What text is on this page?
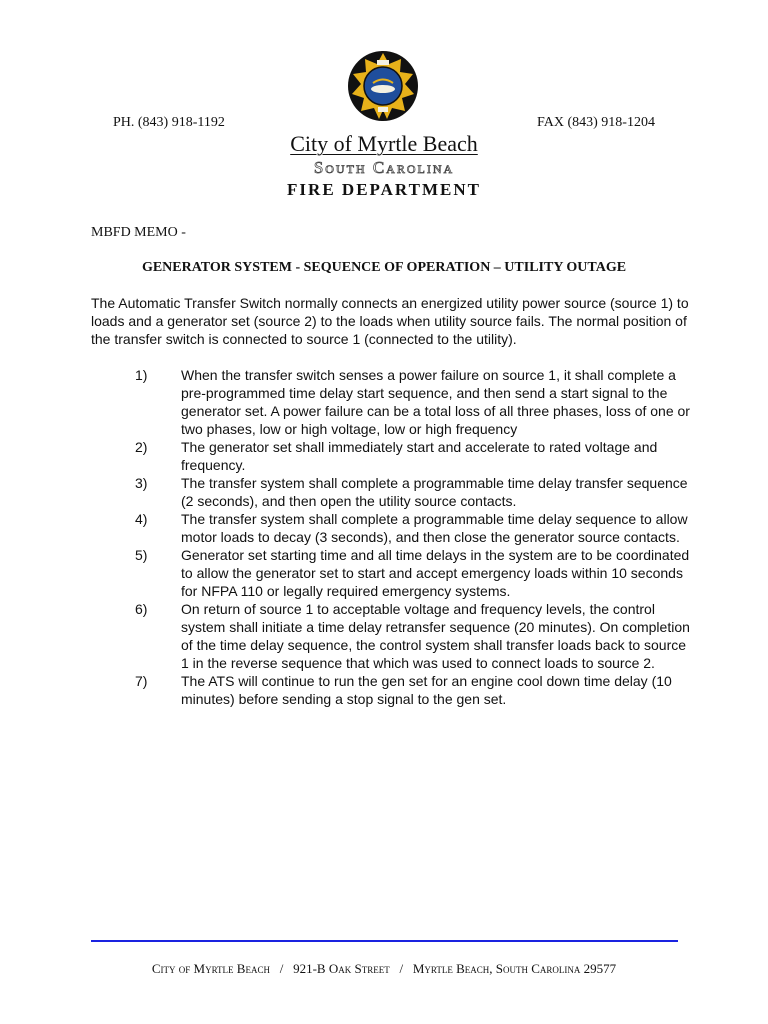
PH. (843) 918-1192	FAX (843) 918-1204
City of Myrtle Beach
South Carolina
FIRE DEPARTMENT
MBFD MEMO -
GENERATOR SYSTEM - SEQUENCE OF OPERATION – UTILITY OUTAGE
The Automatic Transfer Switch normally connects an energized utility power source (source 1) to loads and a generator set (source 2) to the loads when utility source fails. The normal position of the transfer switch is connected to source 1 (connected to the utility).
1)	When the transfer switch senses a power failure on source 1, it shall complete a pre-programmed time delay start sequence, and then send a start signal to the generator set. A power failure can be a total loss of all three phases, loss of one or two phases, low or high voltage, low or high frequency
2)	The generator set shall immediately start and accelerate to rated voltage and frequency.
3)	The transfer system shall complete a programmable time delay transfer sequence (2 seconds), and then open the utility source contacts.
4)	The transfer system shall complete a programmable time delay sequence to allow motor loads to decay (3 seconds), and then close the generator source contacts.
5)	Generator set starting time and all time delays in the system are to be coordinated to allow the generator set to start and accept emergency loads within 10 seconds for NFPA 110 or legally required emergency systems.
6)	On return of source 1 to acceptable voltage and frequency levels, the control system shall initiate a time delay retransfer sequence (20 minutes). On completion of the time delay sequence, the control system shall transfer loads back to source 1 in the reverse sequence that which was used to connect loads to source 2.
7)	The ATS will continue to run the gen set for an engine cool down time delay (10 minutes) before sending a stop signal to the gen set.
City of Myrtle Beach / 921-B Oak Street / Myrtle Beach, South Carolina 29577
